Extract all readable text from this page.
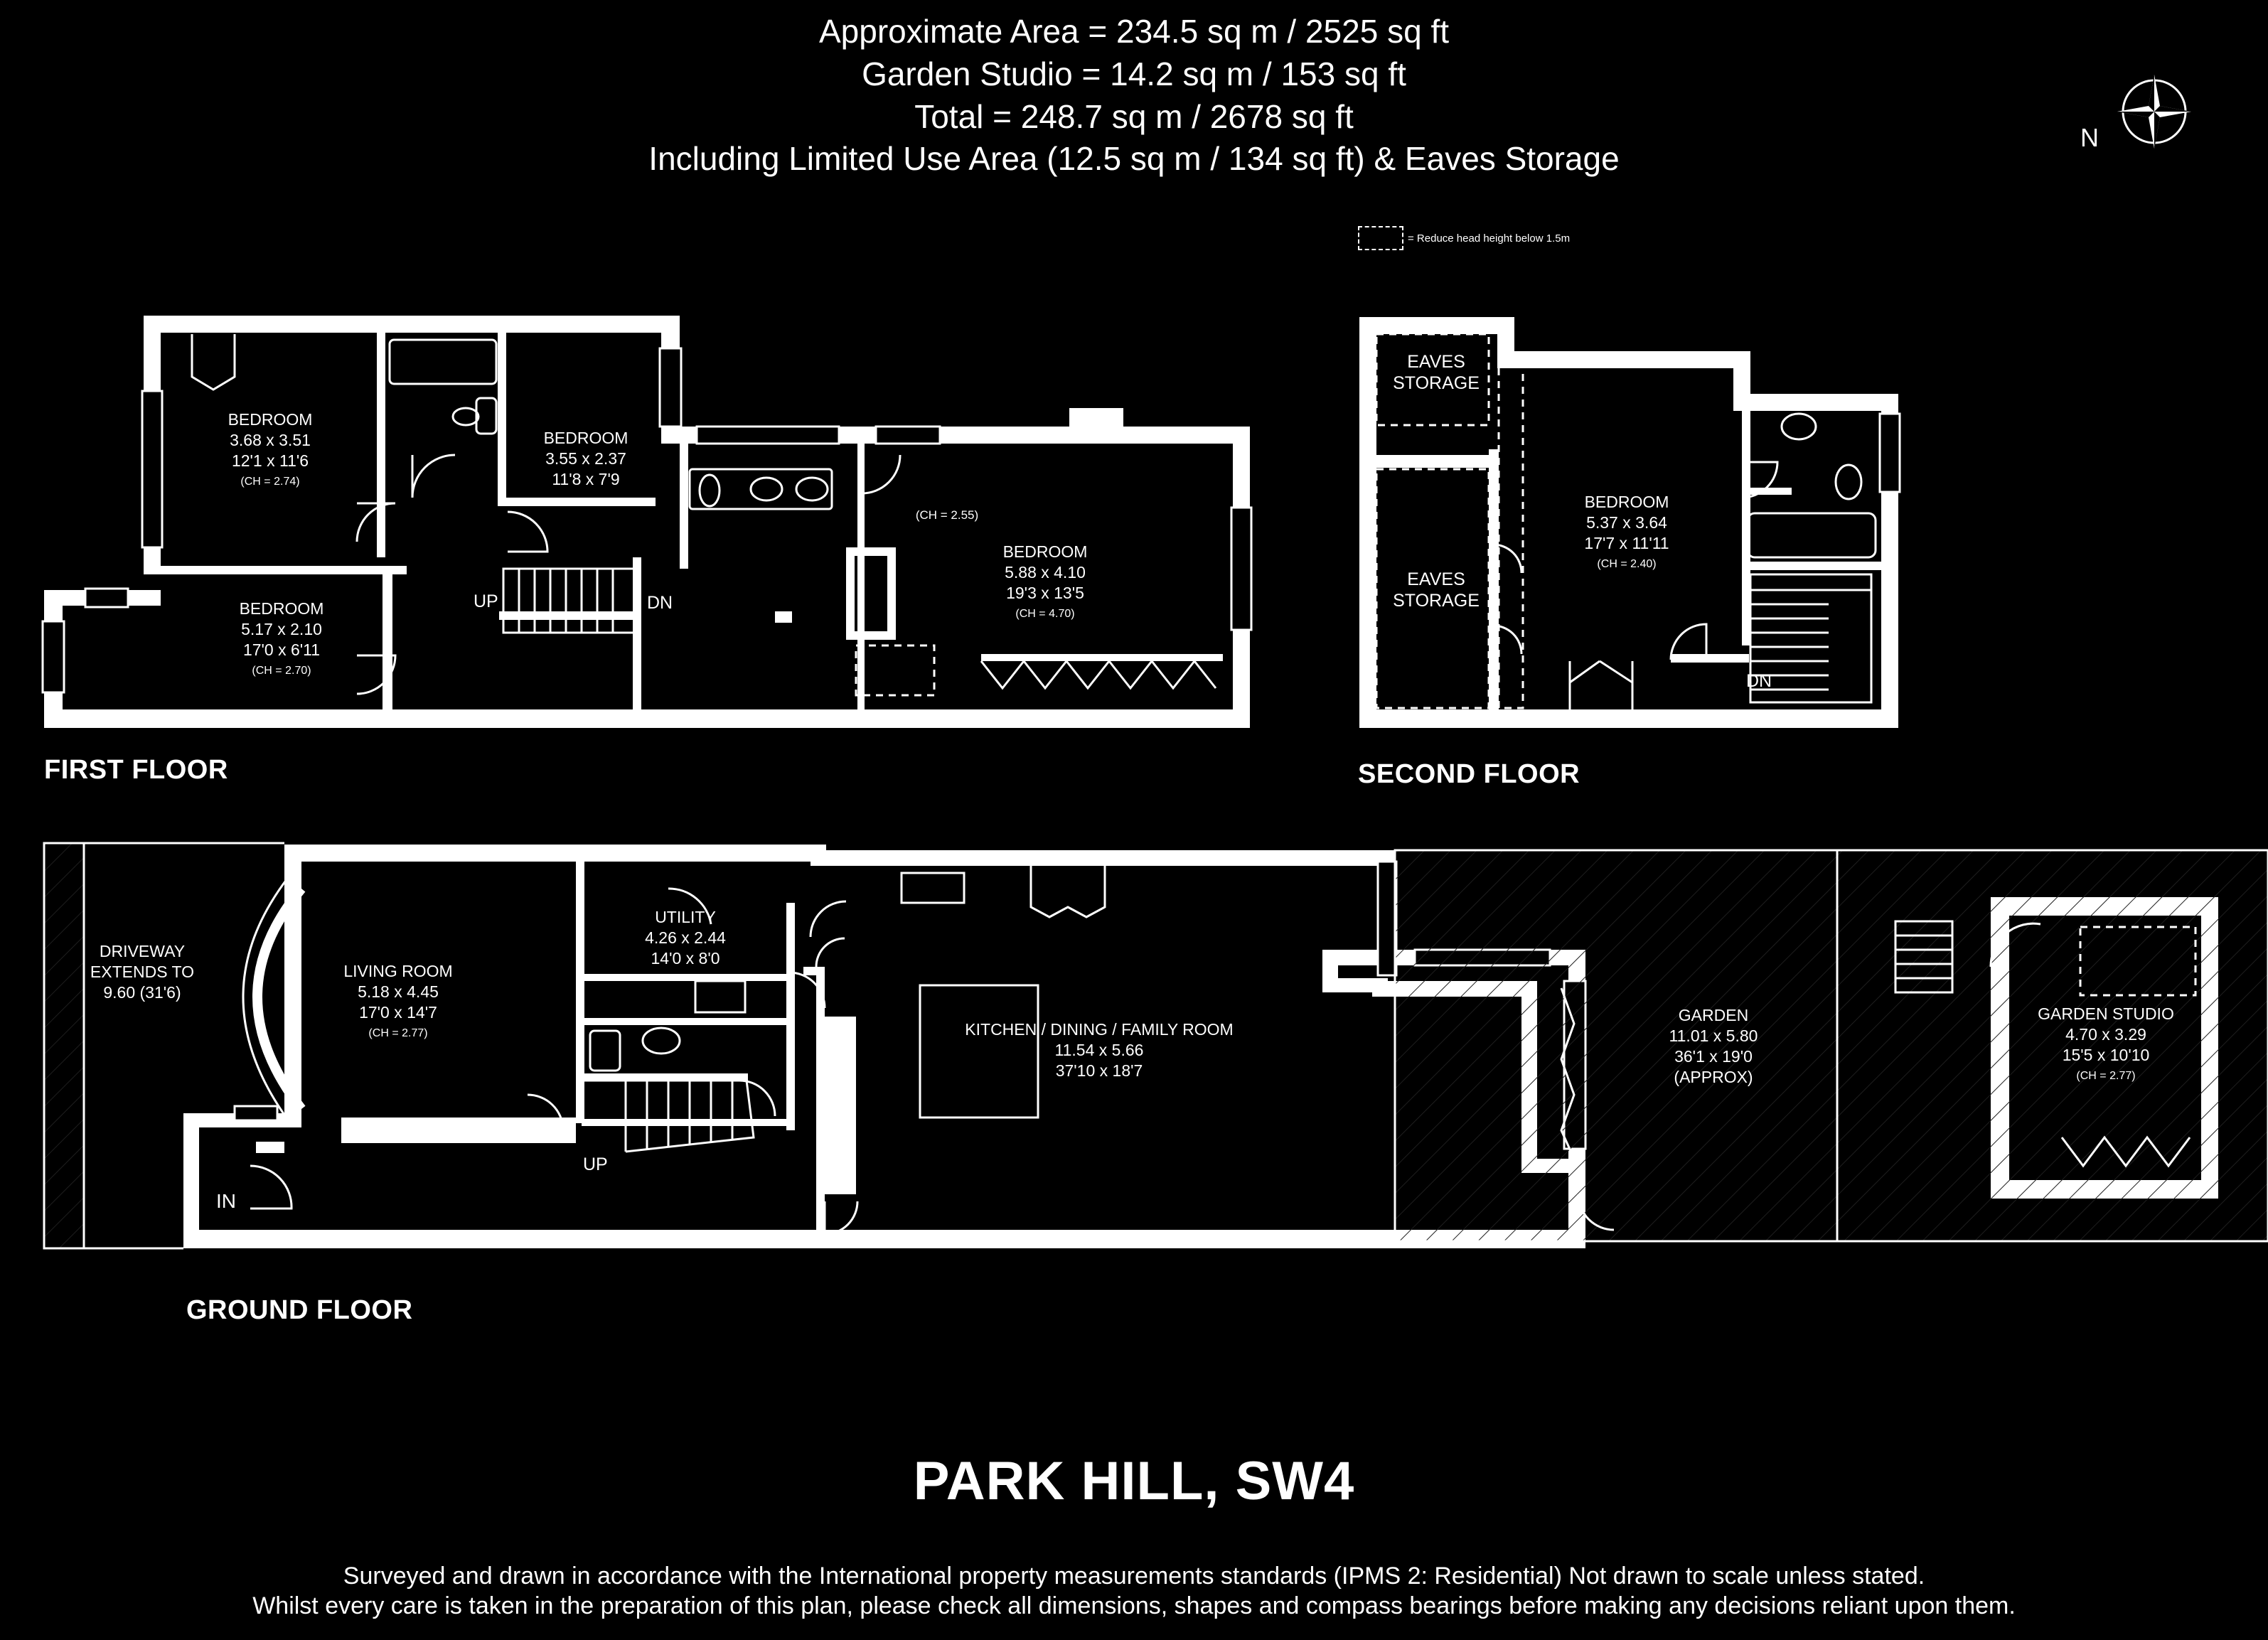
Approximate Area = 234.5 sq m / 2525 sq ft
Garden Studio = 14.2 sq m / 153 sq ft
Total = 248.7 sq m / 2678 sq ft
Including Limited Use Area (12.5 sq m / 134 sq ft) & Eaves Storage
N
= Reduce head height below 1.5m
FIRST FLOOR	SECOND FLOOR
GROUND FLOOR
BEDROOM
3.68 x 3.51
12'1 x 11'6
(CH = 2.74)
BEDROOM
3.55 x 2.37
11'8 x 7'9
BEDROOM
5.17 x 2.10
17'0 x 6'11
(CH = 2.70)
BEDROOM
5.88 x 4.10
19'3 x 13'5
(CH = 4.70)
(CH = 2.55)
UP	DN
EAVES
STORAGE
EAVES
STORAGE
BEDROOM
5.37 x 3.64
17'7 x 11'11
(CH = 2.40)
DN
DRIVEWAY
EXTENDS TO
9.60 (31'6)
LIVING ROOM
5.18 x 4.45
17'0 x 14'7
(CH = 2.77)
UTILITY
4.26 x 2.44
14'0 x 8'0
KITCHEN / DINING / FAMILY ROOM
11.54 x 5.66
37'10 x 18'7
GARDEN
11.01 x 5.80
36'1 x 19'0
(APPROX)
GARDEN STUDIO
4.70 x 3.29
15'5 x 10'10
(CH = 2.77)
UP
IN
PARK HILL, SW4
Surveyed and drawn in accordance with the International property measurements standards (IPMS 2: Residential) Not drawn to scale unless stated.
Whilst every care is taken in the preparation of this plan, please check all dimensions, shapes and compass bearings before making any decisions reliant upon them.
